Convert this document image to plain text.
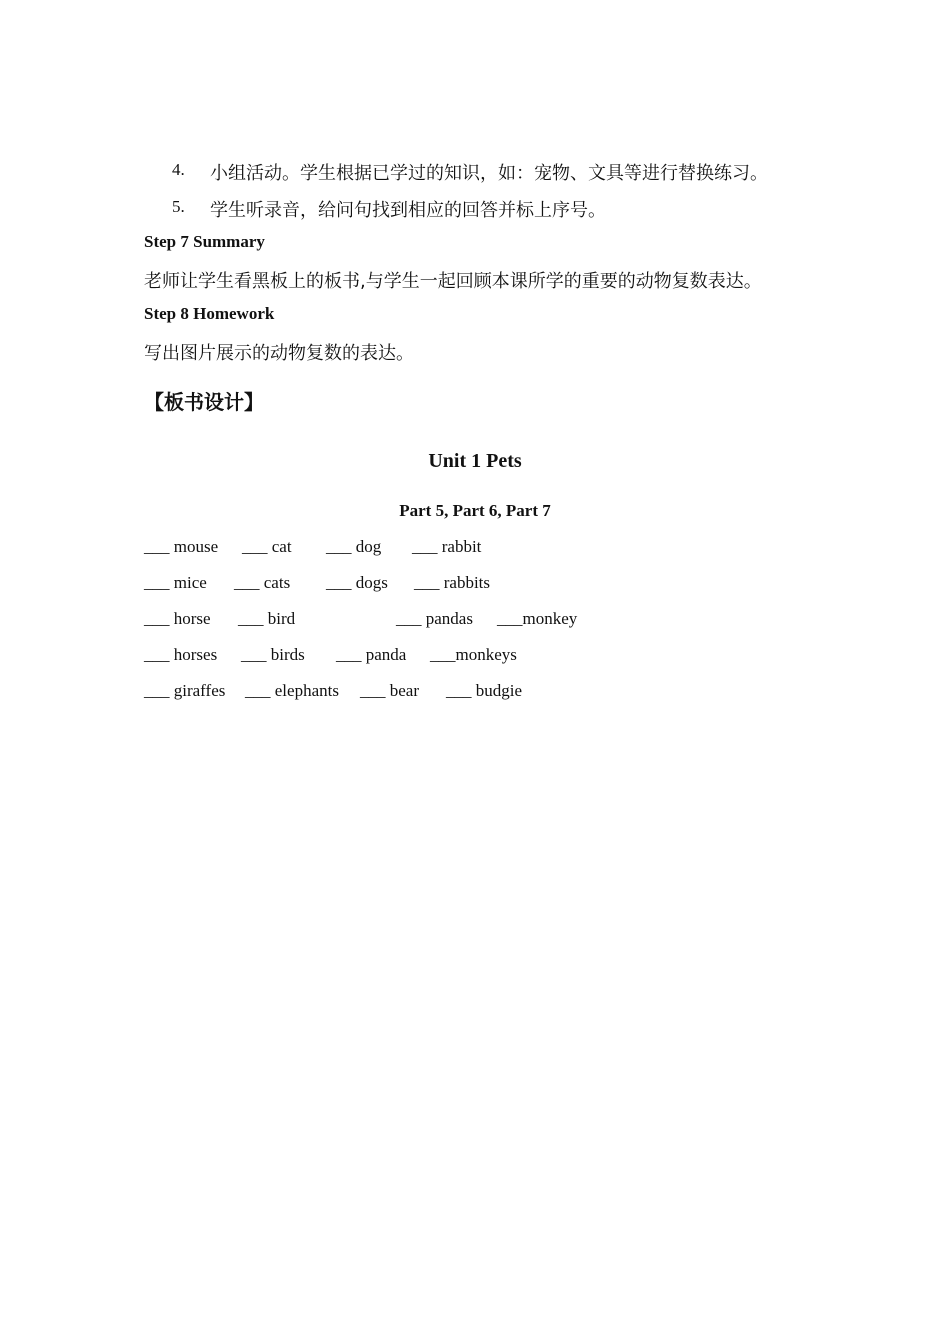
4. 小组活动。学生根据已学过的知识，如：宠物、文具等进行替换练习。
5. 学生听录音，给问句找到相应的回答并标上序号。
Step 7 Summary
老师让学生看黑板上的板书,与学生一起回顾本课所学的重要的动物复数表达。
Step 8 Homework
写出图片展示的动物复数的表达。
【板书设计】
Unit 1 Pets
Part 5, Part 6, Part 7
___ mouse ___ cat ___ dog ___ rabbit
___ mice ___ cats ___ dogs ___ rabbits
___ horse ___ bird	___ pandas ___monkey
___ horses ___ birds ___ panda ___monkeys
___ giraffes ___ elephants ___ bear ___ budgie
